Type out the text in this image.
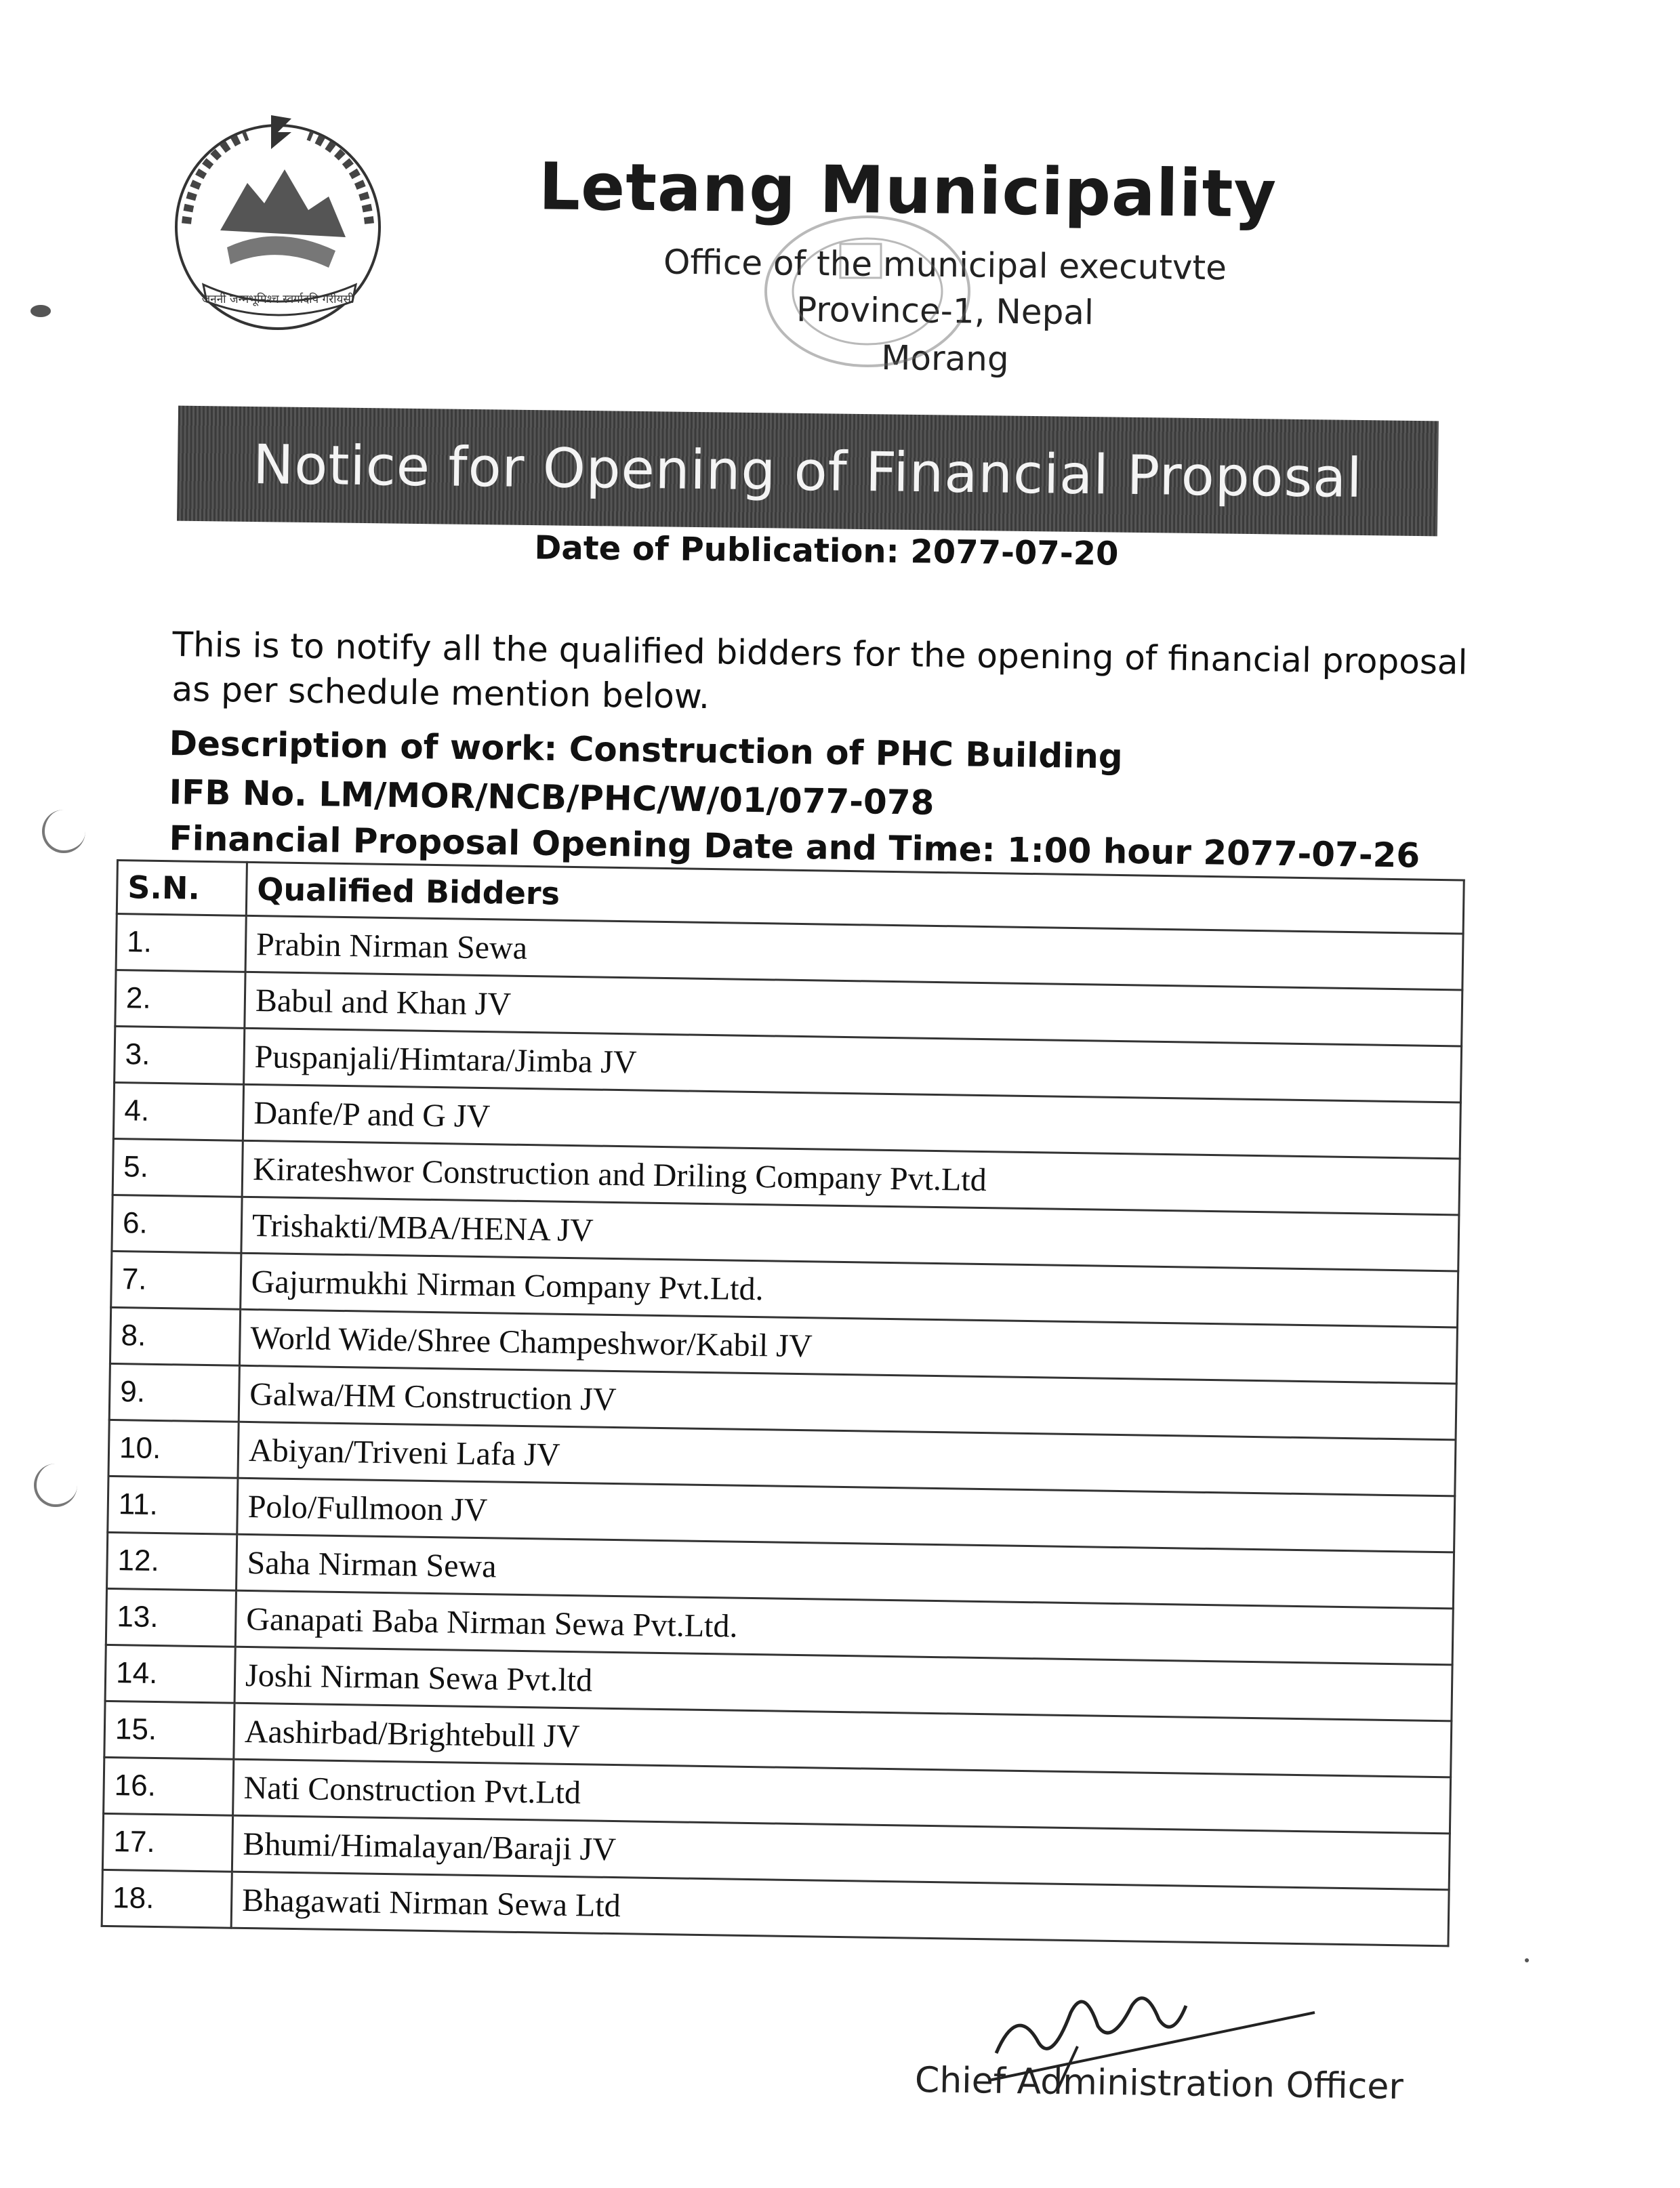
जननी जन्मभूमिश्च स्वर्गादपि गरीयसी
Letang Municipality
Office of the municipal executvte
Province-1, Nepal
Morang
Notice for Opening of Financial Proposal
Date of Publication: 2077-07-20
This is to notify all the qualified bidders for the opening of financial proposal as per schedule mention below.
Description of work: Construction of PHC Building
IFB No. LM/MOR/NCB/PHC/W/01/077-078
Financial Proposal Opening Date and Time: 1:00 hour 2077-07-26
S.N.	Qualified Bidders
1.	Prabin Nirman Sewa
2.	Babul and Khan JV
3.	Puspanjali/Himtara/Jimba JV
4.	Danfe/P and G JV
5.	Kirateshwor Construction and Driling Company Pvt.Ltd
6.	Trishakti/MBA/HENA JV
7.	Gajurmukhi Nirman Company Pvt.Ltd.
8.	World Wide/Shree Champeshwor/Kabil JV
9.	Galwa/HM Construction JV
10.	Abiyan/Triveni Lafa JV
11.	Polo/Fullmoon JV
12.	Saha Nirman Sewa
13.	Ganapati Baba Nirman Sewa Pvt.Ltd.
14.	Joshi Nirman Sewa Pvt.ltd
15.	Aashirbad/Brightebull JV
16.	Nati Construction Pvt.Ltd
17.	Bhumi/Himalayan/Baraji JV
18.	Bhagawati Nirman Sewa Ltd
Chief Administration Officer
